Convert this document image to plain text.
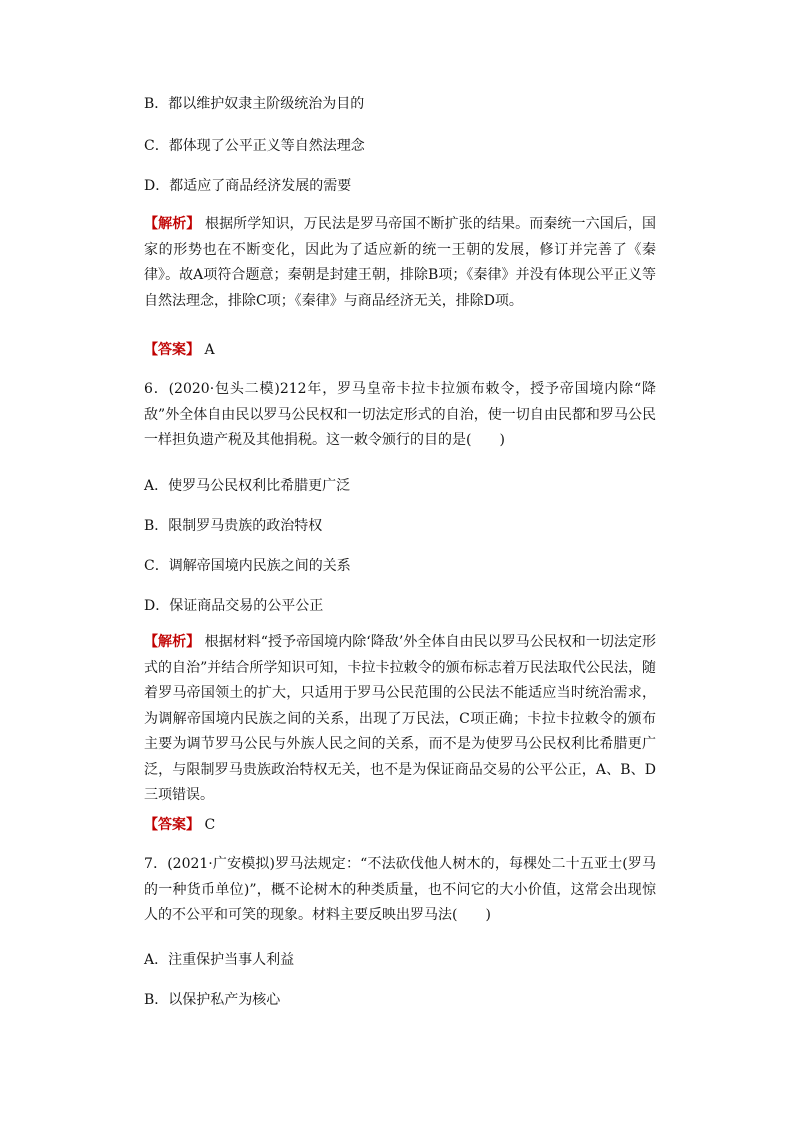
B．都以维护奴隶主阶级统治为目的
C．都体现了公平正义等自然法理念
D．都适应了商品经济发展的需要
【解析】 根据所学知识，万民法是罗马帝国不断扩张的结果。而秦统一六国后，国家的形势也在不断变化，因此为了适应新的统一王朝的发展，修订并完善了《秦律》。故A项符合题意；秦朝是封建王朝，排除B项；《秦律》并没有体现公平正义等自然法理念，排除C项；《秦律》与商品经济无关，排除D项。
【答案】 A
6．(2020·包头二模)212年，罗马皇帝卡拉卡拉颁布敕令，授予帝国境内除“降敌”外全体自由民以罗马公民权和一切法定形式的自治，使一切自由民都和罗马公民一样担负遗产税及其他捐税。这一敕令颁行的目的是(　　)
A．使罗马公民权利比希腊更广泛
B．限制罗马贵族的政治特权
C．调解帝国境内民族之间的关系
D．保证商品交易的公平公正
【解析】 根据材料“授予帝国境内除‘降敌’外全体自由民以罗马公民权和一切法定形式的自治”并结合所学知识可知，卡拉卡拉敕令的颁布标志着万民法取代公民法，随着罗马帝国领土的扩大，只适用于罗马公民范围的公民法不能适应当时统治需求，为调解帝国境内民族之间的关系，出现了万民法，C项正确；卡拉卡拉敕令的颁布主要为调节罗马公民与外族人民之间的关系，而不是为使罗马公民权利比希腊更广泛，与限制罗马贵族政治特权无关，也不是为保证商品交易的公平公正，A、B、D三项错误。
【答案】 C
7．(2021·广安模拟)罗马法规定：“不法砍伐他人树木的，每棵处二十五亚士(罗马的一种货币单位)”，概不论树木的种类质量，也不问它的大小价值，这常会出现惊人的不公平和可笑的现象。材料主要反映出罗马法(　　)
A．注重保护当事人利益
B．以保护私产为核心
